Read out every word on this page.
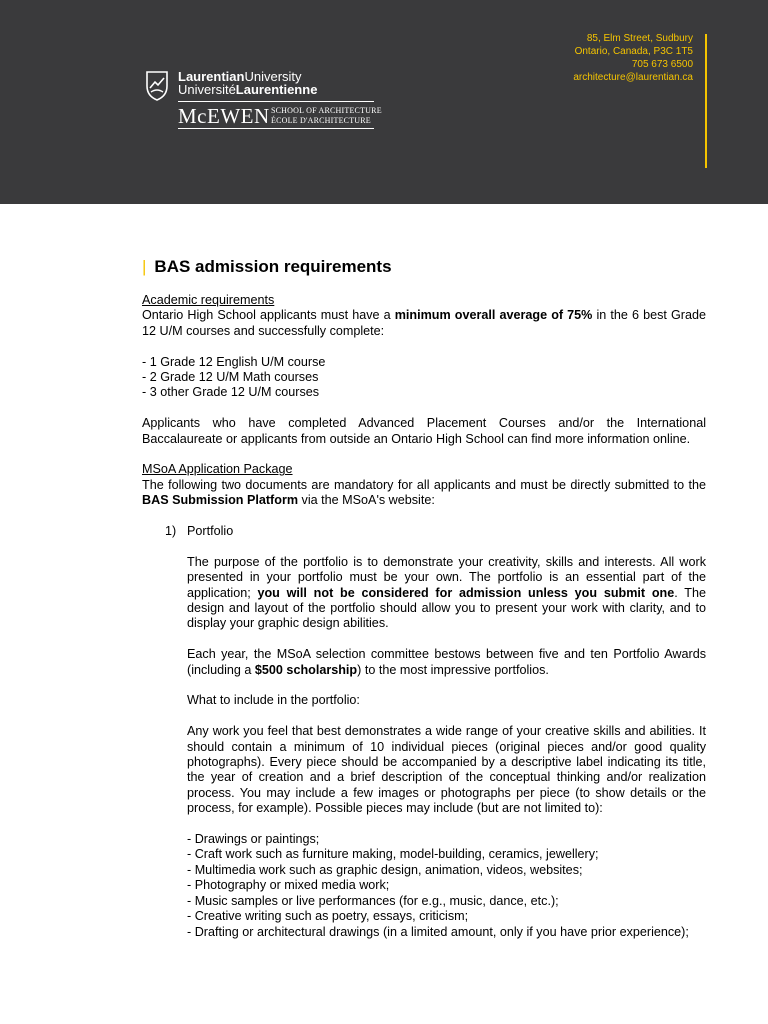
LaurentianUniversity
UniversitéLaurentienne
McEWEN SCHOOL OF ARCHITECTURE
ÉCOLE D'ARCHITECTURE
85, Elm Street, Sudbury
Ontario, Canada, P3C 1T5
705 673 6500
architecture@laurentian.ca
| BAS admission requirements

Academic requirements

Ontario High School applicants must have a minimum overall average of 75% in the 6 best Grade 12 U/M courses and successfully complete:

- 1 Grade 12 English U/M course

- 2 Grade 12 U/M Math courses

- 3 other Grade 12 U/M courses

Applicants who have completed Advanced Placement Courses and/or the International Baccalaureate or applicants from outside an Ontario High School can find more information online.

MSoA Application Package

The following two documents are mandatory for all applicants and must be directly submitted to the BAS Submission Platform via the MSoA's website:

1) Portfolio

The purpose of the portfolio is to demonstrate your creativity, skills and interests. All work presented in your portfolio must be your own. The portfolio is an essential part of the application; you will not be considered for admission unless you submit one. The design and layout of the portfolio should allow you to present your work with clarity, and to display your graphic design abilities.

Each year, the MSoA selection committee bestows between five and ten Portfolio Awards (including a $500 scholarship) to the most impressive portfolios.

What to include in the portfolio:

Any work you feel that best demonstrates a wide range of your creative skills and abilities. It should contain a minimum of 10 individual pieces (original pieces and/or good quality photographs). Every piece should be accompanied by a descriptive label indicating its title, the year of creation and a brief description of the conceptual thinking and/or realization process. You may include a few images or photographs per piece (to show details or the process, for example). Possible pieces may include (but are not limited to):

- Drawings or paintings;

- Craft work such as furniture making, model-building, ceramics, jewellery;

- Multimedia work such as graphic design, animation, videos, websites;

- Photography or mixed media work;

- Music samples or live performances (for e.g., music, dance, etc.);

- Creative writing such as poetry, essays, criticism;

- Drafting or architectural drawings (in a limited amount, only if you have prior experience);
